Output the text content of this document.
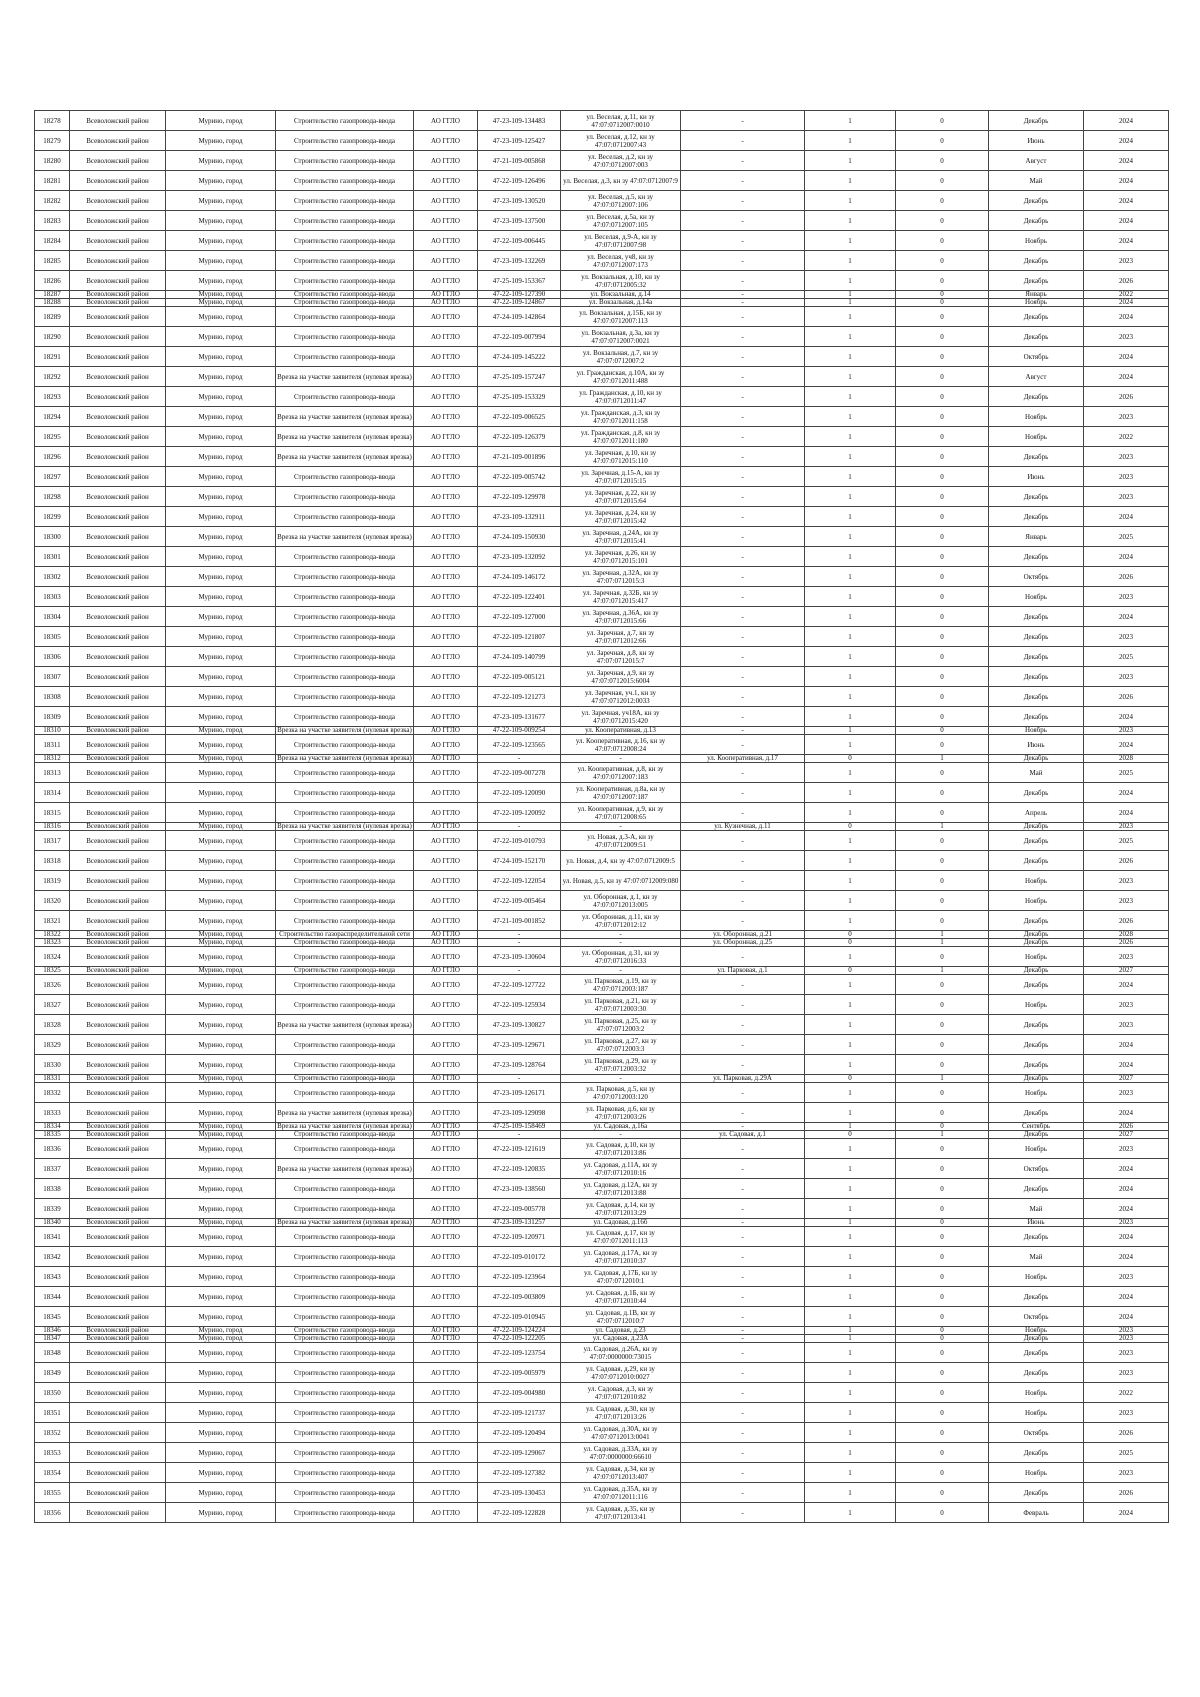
18278	Всеволожский район	Мурино, город	Строительство газопровода-ввода	АО ГГЛО	47-23-109-134483	ул. Веселая, д.11, кн зу 47:07:0712007:0010	-	1	0	Декабрь	2024
18279	Всеволожский район	Мурино, город	Строительство газопровода-ввода	АО ГГЛО	47-23-109-125427	ул. Веселая, д.12, кн зу 47:07:0712007:43	-	1	0	Июнь	2024
18280	Всеволожский район	Мурино, город	Строительство газопровода-ввода	АО ГГЛО	47-21-109-005868	ул. Веселая, д.2, кн зу 47:07:0712007:003	-	1	0	Август	2024
18281	Всеволожский район	Мурино, город	Строительство газопровода-ввода	АО ГГЛО	47-22-109-126496	ул. Веселая, д.3, кн зу 47:07:0712007:9	-	1	0	Май	2024
18282	Всеволожский район	Мурино, город	Строительство газопровода-ввода	АО ГГЛО	47-23-109-130520	ул. Веселая, д.5, кн зу 47:07:0712007:106	-	1	0	Декабрь	2024
18283	Всеволожский район	Мурино, город	Строительство газопровода-ввода	АО ГГЛО	47-23-109-137500	ул. Веселая, д.5а, кн зу 47:07:0712007:105	-	1	0	Декабрь	2024
18284	Всеволожский район	Мурино, город	Строительство газопровода-ввода	АО ГГЛО	47-22-109-006445	ул. Веселая, д.9-А, кн зу 47:07:0712007:98	-	1	0	Ноябрь	2024
18285	Всеволожский район	Мурино, город	Строительство газопровода-ввода	АО ГГЛО	47-23-109-132269	ул. Веселая, уч8, кн зу 47:07:0712007:173	-	1	0	Декабрь	2023
18286	Всеволожский район	Мурино, город	Строительство газопровода-ввода	АО ГГЛО	47-25-109-153367	ул. Вокзальная, д.10, кн зу 47:07:0712005:32	-	1	0	Декабрь	2026
18287	Всеволожский район	Мурино, город	Строительство газопровода-ввода	АО ГГЛО	47-22-109-127390	ул. Вокзальная, д.14	-	1	0	Январь	2022
18288	Всеволожский район	Мурино, город	Строительство газопровода-ввода	АО ГГЛО	47-22-109-124867	ул. Вокзальная, д.14а	-	1	0	Ноябрь	2024
18289	Всеволожский район	Мурино, город	Строительство газопровода-ввода	АО ГГЛО	47-24-109-142864	ул. Вокзальная, д.15Б, кн зу 47:07:0712007:113	-	1	0	Декабрь	2024
18290	Всеволожский район	Мурино, город	Строительство газопровода-ввода	АО ГГЛО	47-22-109-007994	ул. Вокзальная, д.3а, кн зу 47:07:0712007:0021	-	1	0	Декабрь	2023
18291	Всеволожский район	Мурино, город	Строительство газопровода-ввода	АО ГГЛО	47-24-109-145222	ул. Вокзальная, д.7, кн зу 47:07:0712007:2	-	1	0	Октябрь	2024
18292	Всеволожский район	Мурино, город	Врезка на участке заявителя (нулевая врезка)	АО ГГЛО	47-25-109-157247	ул. Гражданская, д.10А, кн зу 47:07:0712011:488	-	1	0	Август	2024
18293	Всеволожский район	Мурино, город	Строительство газопровода-ввода	АО ГГЛО	47-25-109-153329	ул. Гражданская, д.10, кн зу 47:07:0712011:47	-	1	0	Декабрь	2026
18294	Всеволожский район	Мурино, город	Врезка на участке заявителя (нулевая врезка)	АО ГГЛО	47-22-109-006525	ул. Гражданская, д.3, кн зу 47:07:0712011:158	-	1	0	Ноябрь	2023
18295	Всеволожский район	Мурино, город	Врезка на участке заявителя (нулевая врезка)	АО ГГЛО	47-22-109-126379	ул. Гражданская, д.8, кн зу 47:07:0712011:180	-	1	0	Ноябрь	2022
18296	Всеволожский район	Мурино, город	Врезка на участке заявителя (нулевая врезка)	АО ГГЛО	47-21-109-001896	ул. Заречная, д.10, кн зу 47:07:0712015:110	-	1	0	Декабрь	2023
18297	Всеволожский район	Мурино, город	Строительство газопровода-ввода	АО ГГЛО	47-22-109-005742	ул. Заречная, д.15-А, кн зу 47:07:0712015:15	-	1	0	Июнь	2023
18298	Всеволожский район	Мурино, город	Строительство газопровода-ввода	АО ГГЛО	47-22-109-129978	ул. Заречная, д.22, кн зу 47:07:0712015:64	-	1	0	Декабрь	2023
18299	Всеволожский район	Мурино, город	Строительство газопровода-ввода	АО ГГЛО	47-23-109-132911	ул. Заречная, д.24, кн зу 47:07:0712015:42	-	1	0	Декабрь	2024
18300	Всеволожский район	Мурино, город	Врезка на участке заявителя (нулевая врезка)	АО ГГЛО	47-24-109-150930	ул. Заречная, д.24А, кн зу 47:07:0712015:41	-	1	0	Январь	2025
18301	Всеволожский район	Мурино, город	Строительство газопровода-ввода	АО ГГЛО	47-23-109-132092	ул. Заречная, д.26, кн зу 47:07:0712015:101	-	1	0	Декабрь	2024
18302	Всеволожский район	Мурино, город	Строительство газопровода-ввода	АО ГГЛО	47-24-109-146172	ул. Заречная, д.32А, кн зу 47:07:0712015:3	-	1	0	Октябрь	2026
18303	Всеволожский район	Мурино, город	Строительство газопровода-ввода	АО ГГЛО	47-22-109-122401	ул. Заречная, д.32Б, кн зу 47:07:0712015:417	-	1	0	Ноябрь	2023
18304	Всеволожский район	Мурино, город	Строительство газопровода-ввода	АО ГГЛО	47-22-109-127000	ул. Заречная, д.36А, кн зу 47:07:0712015:66	-	1	0	Декабрь	2024
18305	Всеволожский район	Мурино, город	Строительство газопровода-ввода	АО ГГЛО	47-22-109-121807	ул. Заречная, д.7, кн зу 47:07:0712012:66	-	1	0	Декабрь	2023
18306	Всеволожский район	Мурино, город	Строительство газопровода-ввода	АО ГГЛО	47-24-109-140799	ул. Заречная, д.8, кн зу 47:07:0712015:7	-	1	0	Декабрь	2025
18307	Всеволожский район	Мурино, город	Строительство газопровода-ввода	АО ГГЛО	47-22-109-005121	ул. Заречная, д.9, кн зу 47:07:0712015:6004	-	1	0	Декабрь	2023
18308	Всеволожский район	Мурино, город	Строительство газопровода-ввода	АО ГГЛО	47-22-109-121273	ул. Заречная, уч.1, кн зу 47:07:0712012:0033	-	1	0	Декабрь	2026
18309	Всеволожский район	Мурино, город	Строительство газопровода-ввода	АО ГГЛО	47-23-109-131677	ул. Заречная, уч18А, кн зу 47:07:0712015:420	-	1	0	Декабрь	2024
18310	Всеволожский район	Мурино, город	Врезка на участке заявителя (нулевая врезка)	АО ГГЛО	47-22-109-009254	ул. Кооперативная, д.13	-	1	0	Ноябрь	2023
18311	Всеволожский район	Мурино, город	Строительство газопровода-ввода	АО ГГЛО	47-22-109-123565	ул. Кооперативная, д.16, кн зу 47:07:0712008:24	-	1	0	Июнь	2024
18312	Всеволожский район	Мурино, город	Врезка на участке заявителя (нулевая врезка)	АО ГГЛО	-	-	ул. Кооперативная, д.17	0	1	Декабрь	2028
18313	Всеволожский район	Мурино, город	Строительство газопровода-ввода	АО ГГЛО	47-22-109-007278	ул. Кооперативная, д.8, кн зу 47:07:0712007:183	-	1	0	Май	2025
18314	Всеволожский район	Мурино, город	Строительство газопровода-ввода	АО ГГЛО	47-22-109-120090	ул. Кооперативная, д.8а, кн зу 47:07:0712007:187	-	1	0	Декабрь	2024
18315	Всеволожский район	Мурино, город	Строительство газопровода-ввода	АО ГГЛО	47-22-109-120092	ул. Кооперативная, д.9, кн зу 47:07:0712008:65	-	1	0	Апрель	2024
18316	Всеволожский район	Мурино, город	Врезка на участке заявителя (нулевая врезка)	АО ГГЛО	-	-	ул. Кузнечная, д.11	0	1	Декабрь	2023
18317	Всеволожский район	Мурино, город	Строительство газопровода-ввода	АО ГГЛО	47-22-109-010793	ул. Новая, д.3-А, кн зу 47:07:0712009:51	-	1	0	Декабрь	2025
18318	Всеволожский район	Мурино, город	Строительство газопровода-ввода	АО ГГЛО	47-24-109-152170	ул. Новая, д.4, кн зу 47:07:0712009:5	-	1	0	Декабрь	2026
18319	Всеволожский район	Мурино, город	Строительство газопровода-ввода	АО ГГЛО	47-22-109-122054	ул. Новая, д.5, кн зу 47:07:0712009:080	-	1	0	Ноябрь	2023
18320	Всеволожский район	Мурино, город	Строительство газопровода-ввода	АО ГГЛО	47-22-109-005464	ул. Оборонная, д.1, кн зу 47:07:0712013:005	-	1	0	Ноябрь	2023
18321	Всеволожский район	Мурино, город	Строительство газопровода-ввода	АО ГГЛО	47-21-109-001852	ул. Оборонная, д.11, кн зу 47:07:0712012:12	-	1	0	Декабрь	2026
18322	Всеволожский район	Мурино, город	Строительство газораспределительной сети	АО ГГЛО	-	-	ул. Оборонная, д.21	0	1	Декабрь	2028
18323	Всеволожский район	Мурино, город	Строительство газопровода-ввода	АО ГГЛО	-	-	ул. Оборонная, д.25	0	1	Декабрь	2026
18324	Всеволожский район	Мурино, город	Строительство газопровода-ввода	АО ГГЛО	47-23-109-130604	ул. Оборонная, д.31, кн зу 47:07:0712016:33	-	1	0	Ноябрь	2023
18325	Всеволожский район	Мурино, город	Строительство газопровода-ввода	АО ГГЛО	-	-	ул. Парковая, д.1	0	1	Декабрь	2027
18326	Всеволожский район	Мурино, город	Строительство газопровода-ввода	АО ГГЛО	47-22-109-127722	ул. Парковая, д.19, кн зу 47:07:0712003:187	-	1	0	Декабрь	2024
18327	Всеволожский район	Мурино, город	Строительство газопровода-ввода	АО ГГЛО	47-22-109-125934	ул. Парковая, д.21, кн зу 47:07:0712003:30	-	1	0	Ноябрь	2023
18328	Всеволожский район	Мурино, город	Врезка на участке заявителя (нулевая врезка)	АО ГГЛО	47-23-109-130827	ул. Парковая, д.25, кн зу 47:07:0712003:2	-	1	0	Декабрь	2023
18329	Всеволожский район	Мурино, город	Строительство газопровода-ввода	АО ГГЛО	47-23-109-129671	ул. Парковая, д.27, кн зу 47:07:0712003:3	-	1	0	Декабрь	2024
18330	Всеволожский район	Мурино, город	Строительство газопровода-ввода	АО ГГЛО	47-23-109-128764	ул. Парковая, д.29, кн зу 47:07:0712003:32	-	1	0	Декабрь	2024
18331	Всеволожский район	Мурино, город	Строительство газопровода-ввода	АО ГГЛО	-	-	ул. Парковая, д.29А	0	1	Декабрь	2027
18332	Всеволожский район	Мурино, город	Строительство газопровода-ввода	АО ГГЛО	47-23-109-126171	ул. Парковая, д.5, кн зу 47:07:0712003:120	-	1	0	Ноябрь	2023
18333	Всеволожский район	Мурино, город	Врезка на участке заявителя (нулевая врезка)	АО ГГЛО	47-23-109-129098	ул. Парковая, д.6, кн зу 47:07:0712003:26	-	1	0	Декабрь	2024
18334	Всеволожский район	Мурино, город	Врезка на участке заявителя (нулевая врезка)	АО ГГЛО	47-25-109-158469	ул. Садовая, д.16а	-	1	0	Сентябрь	2026
18335	Всеволожский район	Мурино, город	Строительство газопровода-ввода	АО ГГЛО	-	-	ул. Садовая, д.1	0	1	Декабрь	2027
18336	Всеволожский район	Мурино, город	Строительство газопровода-ввода	АО ГГЛО	47-22-109-121619	ул. Садовая, д.10, кн зу 47:07:0712013:86	-	1	0	Ноябрь	2023
18337	Всеволожский район	Мурино, город	Врезка на участке заявителя (нулевая врезка)	АО ГГЛО	47-22-109-120835	ул. Садовая, д.11А, кн зу 47:07:0712010:16	-	1	0	Октябрь	2024
18338	Всеволожский район	Мурино, город	Строительство газопровода-ввода	АО ГГЛО	47-23-109-138560	ул. Садовая, д.12А, кн зу 47:07:0712013:88	-	1	0	Декабрь	2024
18339	Всеволожский район	Мурино, город	Строительство газопровода-ввода	АО ГГЛО	47-22-109-005778	ул. Садовая, д.14, кн зу 47:07:0712013:29	-	1	0	Май	2024
18340	Всеволожский район	Мурино, город	Врезка на участке заявителя (нулевая врезка)	АО ГГЛО	47-23-109-131257	ул. Садовая, д.16б	-	1	0	Июнь	2023
18341	Всеволожский район	Мурино, город	Строительство газопровода-ввода	АО ГГЛО	47-22-109-120971	ул. Садовая, д.17, кн зу 47:07:0712011:113	-	1	0	Декабрь	2024
18342	Всеволожский район	Мурино, город	Строительство газопровода-ввода	АО ГГЛО	47-22-109-010172	ул. Садовая, д.17А, кн зу 47:07:0712010:37	-	1	0	Май	2024
18343	Всеволожский район	Мурино, город	Строительство газопровода-ввода	АО ГГЛО	47-22-109-123964	ул. Садовая, д.17Б, кн зу 47:07:0712010:1	-	1	0	Ноябрь	2023
18344	Всеволожский район	Мурино, город	Строительство газопровода-ввода	АО ГГЛО	47-22-109-003809	ул. Садовая, д.1Б, кн зу 47:07:0712010:44	-	1	0	Декабрь	2024
18345	Всеволожский район	Мурино, город	Строительство газопровода-ввода	АО ГГЛО	47-22-109-010945	ул. Садовая, д.1В, кн зу 47:07:0712010:7	-	1	0	Октябрь	2024
18346	Всеволожский район	Мурино, город	Строительство газопровода-ввода	АО ГГЛО	47-22-109-124224	ул. Садовая, д.23	-	1	0	Ноябрь	2023
18347	Всеволожский район	Мурино, город	Строительство газопровода-ввода	АО ГГЛО	47-22-109-122205	ул. Садовая, д.23А	-	1	0	Декабрь	2023
18348	Всеволожский район	Мурино, город	Строительство газопровода-ввода	АО ГГЛО	47-22-109-123754	ул. Садовая, д.26А, кн зу 47:07:0000000:73015	-	1	0	Декабрь	2023
18349	Всеволожский район	Мурино, город	Строительство газопровода-ввода	АО ГГЛО	47-22-109-005979	ул. Садовая, д.29, кн зу 47:07:0712010:0027	-	1	0	Декабрь	2023
18350	Всеволожский район	Мурино, город	Строительство газопровода-ввода	АО ГГЛО	47-22-109-004980	ул. Садовая, д.3, кн зу 47:07:0712010:82	-	1	0	Ноябрь	2022
18351	Всеволожский район	Мурино, город	Строительство газопровода-ввода	АО ГГЛО	47-22-109-121737	ул. Садовая, д.30, кн зу 47:07:0712013:26	-	1	0	Ноябрь	2023
18352	Всеволожский район	Мурино, город	Строительство газопровода-ввода	АО ГГЛО	47-22-109-120494	ул. Садовая, д.30А, кн зу 47:07:0712013:0041	-	1	0	Октябрь	2026
18353	Всеволожский район	Мурино, город	Строительство газопровода-ввода	АО ГГЛО	47-22-109-129067	ул. Садовая, д.33А, кн зу 47:07:0000000:66610	-	1	0	Декабрь	2025
18354	Всеволожский район	Мурино, город	Строительство газопровода-ввода	АО ГГЛО	47-22-109-127382	ул. Садовая, д.34, кн зу 47:07:0712013:407	-	1	0	Ноябрь	2023
18355	Всеволожский район	Мурино, город	Строительство газопровода-ввода	АО ГГЛО	47-23-109-130453	ул. Садовая, д.35А, кн зу 47:07:0712011:116	-	1	0	Декабрь	2026
18356	Всеволожский район	Мурино, город	Строительство газопровода-ввода	АО ГГЛО	47-22-109-122828	ул. Садовая, д.35, кн зу 47:07:0712013:41	-	1	0	Февраль	2024
